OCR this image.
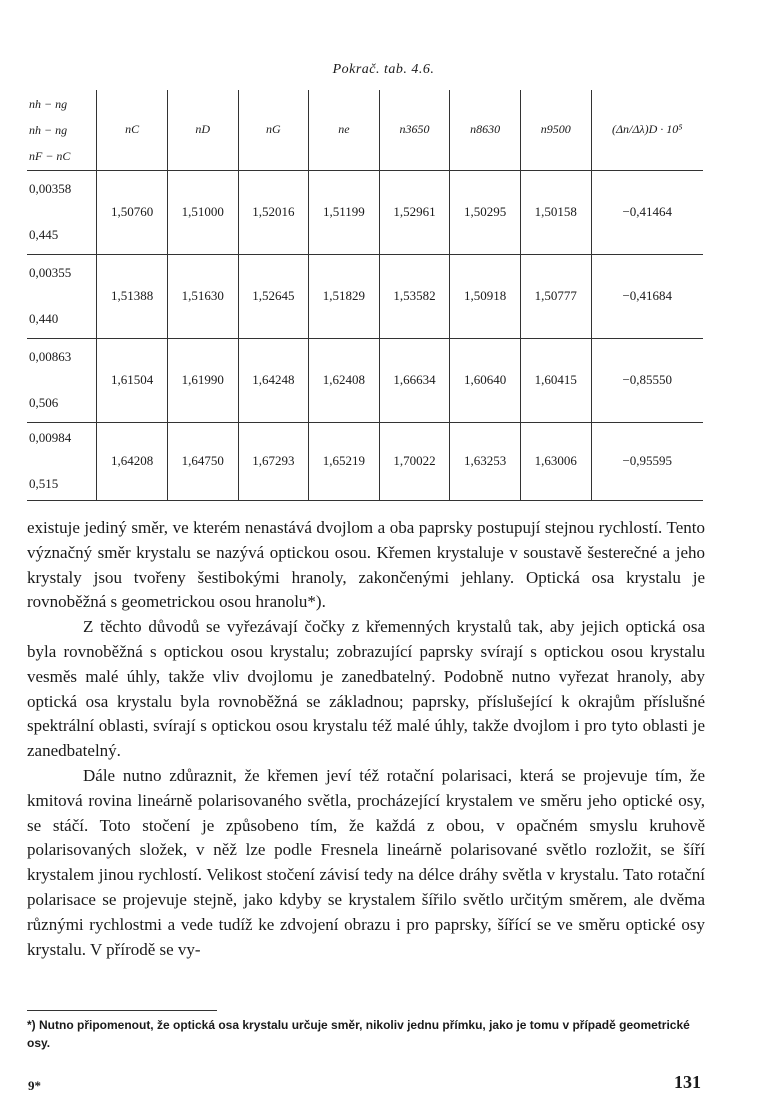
Pokrač. tab. 4.6.
nh − ng
nh − ng
nF − nC	nC	nD	nG	ne	n3650	n8630	n9500	(Δn/Δλ)D · 10⁵

0,00358
0,445	1,50760	1,51000	1,52016	1,51199	1,52961	1,50295	1,50158	−0,41464

0,00355
0,440	1,51388	1,51630	1,52645	1,51829	1,53582	1,50918	1,50777	−0,41684

0,00863
0,506	1,61504	1,61990	1,64248	1,62408	1,66634	1,60640	1,60415	−0,85550

0,00984
0,515	1,64208	1,64750	1,67293	1,65219	1,70022	1,63253	1,63006	−0,95595

existuje jediný směr, ve kterém nenastává dvojlom a oba paprsky postupují stejnou rychlostí. Tento význačný směr krystalu se nazývá optickou osou. Křemen krystaluje v soustavě šesterečné a jeho krystaly jsou tvořeny šestibokými hranoly, zakončenými jehlany. Optická osa krystalu je rovnoběžná s geometrickou osou hranolu*).

Z těchto důvodů se vyřezávají čočky z křemenných krystalů tak, aby jejich optická osa byla rovnoběžná s optickou osou krystalu; zobrazující paprsky svírají s optickou osou krystalu vesměs malé úhly, takže vliv dvojlomu je zanedbatelný. Podobně nutno vyřezat hranoly, aby optická osa krystalu byla rovnoběžná se základnou; paprsky, příslušející k okrajům příslušné spektrální oblasti, svírají s optickou osou krystalu též malé úhly, takže dvojlom i pro tyto oblasti je zanedbatelný.

Dále nutno zdůraznit, že křemen jeví též rotační polarisaci, která se projevuje tím, že kmitová rovina lineárně polarisovaného světla, procházející krystalem ve směru jeho optické osy, se stáčí. Toto stočení je způsobeno tím, že každá z obou, v opačném smyslu kruhově polarisovaných složek, v něž lze podle Fresnela lineárně polarisované světlo rozložit, se šíří krystalem jinou rychlostí. Velikost stočení závisí tedy na délce dráhy světla v krystalu. Tato rotační polarisace se projevuje stejně, jako kdyby se krystalem šířilo světlo určitým směrem, ale dvěma různými rychlostmi a vede tudíž ke zdvojení obrazu i pro paprsky, šířící se ve směru optické osy krystalu. V přírodě se vy-

*) Nutno připomenout, že optická osa krystalu určuje směr, nikoliv jednu přímku, jako je tomu v případě geometrické osy.
9*	131
